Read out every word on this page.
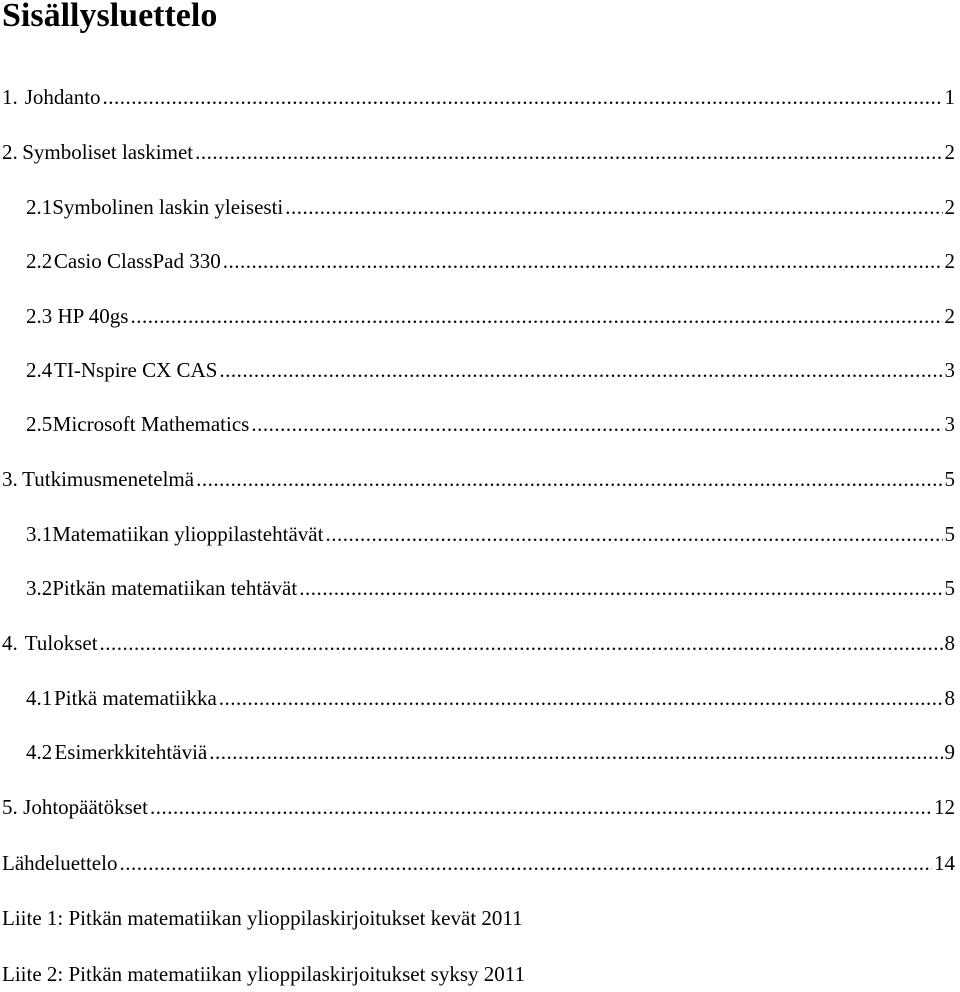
Sisällysluettelo
1. Johdanto .....	1
2. Symboliset laskimet .....	2
2.1 Symbolinen laskin yleisesti .....	2
2.2 Casio ClassPad 330 .....	2
2.3 HP 40gs .....	2
2.4 TI-Nspire CX CAS .....	3
2.5 Microsoft Mathematics .....	3
3. Tutkimusmenetelmä .....	5
3.1 Matematiikan ylioppilastehtävät .....	5
3.2 Pitkän matematiikan tehtävät .....	5
4. Tulokset .....	8
4.1 Pitkä matematiikka .....	8
4.2 Esimerkkitehtäviä .....	9
5. Johtopäätökset .....	12
Lähdeluettelo .....	14
Liite 1: Pitkän matematiikan ylioppilaskirjoitukset kevät 2011
Liite 2: Pitkän matematiikan ylioppilaskirjoitukset syksy 2011
